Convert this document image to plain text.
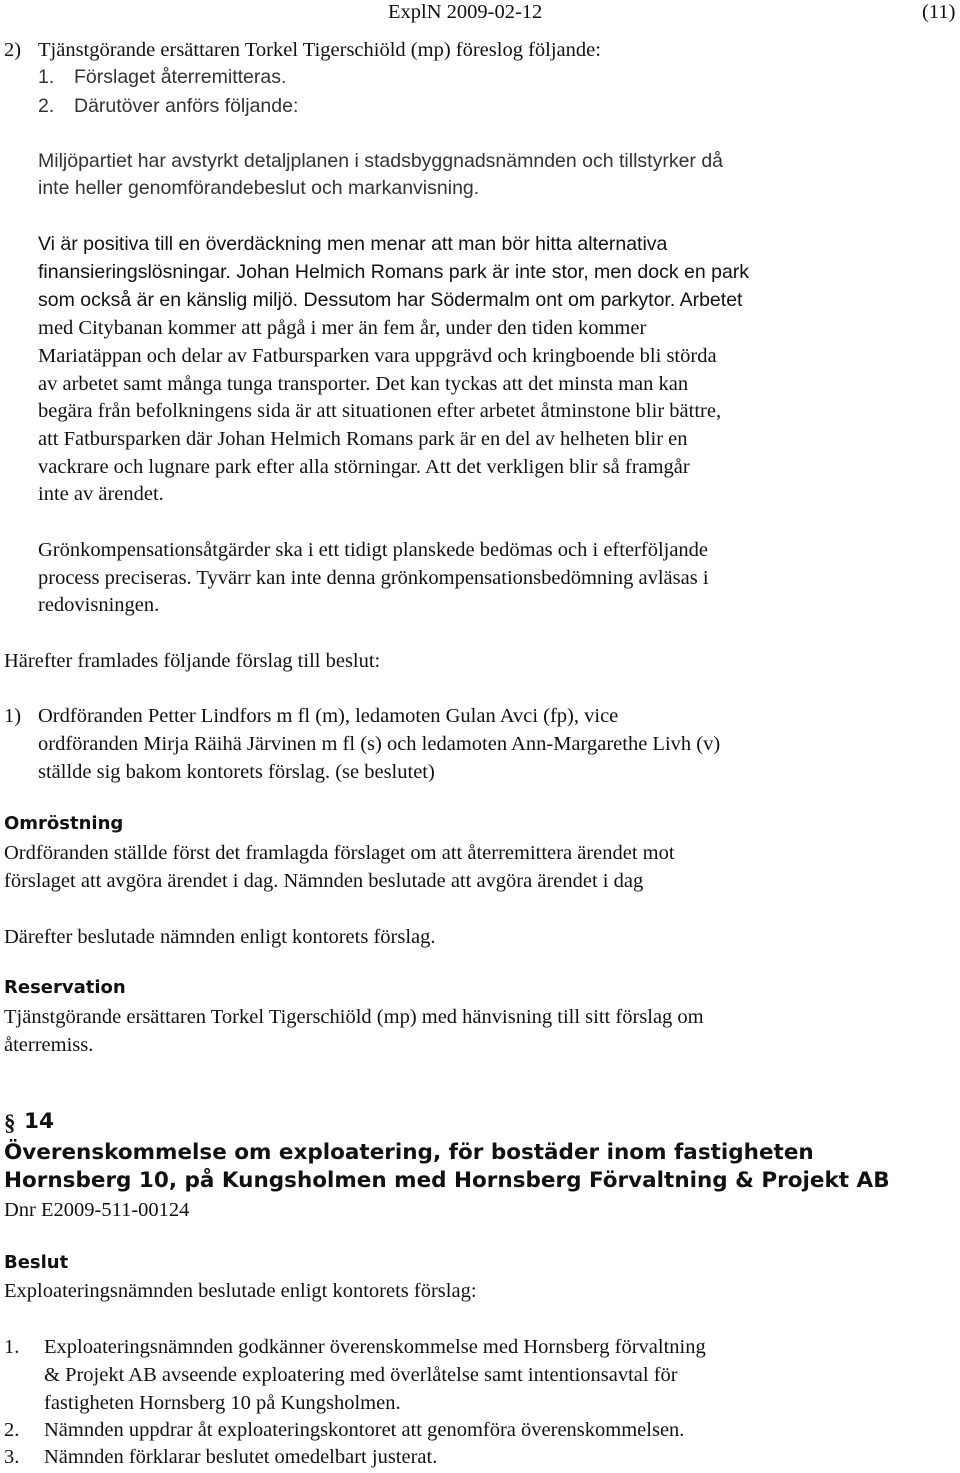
ExplN 2009-02-12	(11)
2) Tjänstgörande ersättaren Torkel Tigerschiöld (mp) föreslog följande:
1. Förslaget återremitteras.
2. Därutöver anförs följande:
Miljöpartiet har avstyrkt detaljplanen i stadsbyggnadsnämnden och tillstyrker då
inte heller genomförandebeslut och markanvisning.
Vi är positiva till en överdäckning men menar att man bör hitta alternativa
finansieringslösningar. Johan Helmich Romans park är inte stor, men dock en park
som också är en känslig miljö. Dessutom har Södermalm ont om parkytor. Arbetet
med Citybanan kommer att pågå i mer än fem år, under den tiden kommer
Mariatäppan och delar av Fatbursparken vara uppgrävd och kringboende bli störda
av arbetet samt många tunga transporter. Det kan tyckas att det minsta man kan
begära från befolkningens sida är att situationen efter arbetet åtminstone blir bättre,
att Fatbursparken där Johan Helmich Romans park är en del av helheten blir en
vackrare och lugnare park efter alla störningar. Att det verkligen blir så framgår
inte av ärendet.
Grönkompensationsåtgärder ska i ett tidigt planskede bedömas och i efterföljande
process preciseras. Tyvärr kan inte denna grönkompensationsbedömning avläsas i
redovisningen.
Härefter framlades följande förslag till beslut:
1) Ordföranden Petter Lindfors m fl (m), ledamoten Gulan Avci (fp), vice
ordföranden Mirja Räihä Järvinen m fl (s) och ledamoten Ann-Margarethe Livh (v)
ställde sig bakom kontorets förslag. (se beslutet)
Omröstning
Ordföranden ställde först det framlagda förslaget om att återremittera ärendet mot
förslaget att avgöra ärendet i dag. Nämnden beslutade att avgöra ärendet i dag
Därefter beslutade nämnden enligt kontorets förslag.
Reservation
Tjänstgörande ersättaren Torkel Tigerschiöld (mp) med hänvisning till sitt förslag om
återremiss.
§ 14
Överenskommelse om exploatering, för bostäder inom fastigheten
Hornsberg 10, på Kungsholmen med Hornsberg Förvaltning & Projekt AB
Dnr E2009-511-00124
Beslut
Exploateringsnämnden beslutade enligt kontorets förslag:
1. Exploateringsnämnden godkänner överenskommelse med Hornsberg förvaltning
& Projekt AB avseende exploatering med överlåtelse samt intentionsavtal för
fastigheten Hornsberg 10 på Kungsholmen.
2. Nämnden uppdrar åt exploateringskontoret att genomföra överenskommelsen.
3. Nämnden förklarar beslutet omedelbart justerat.
